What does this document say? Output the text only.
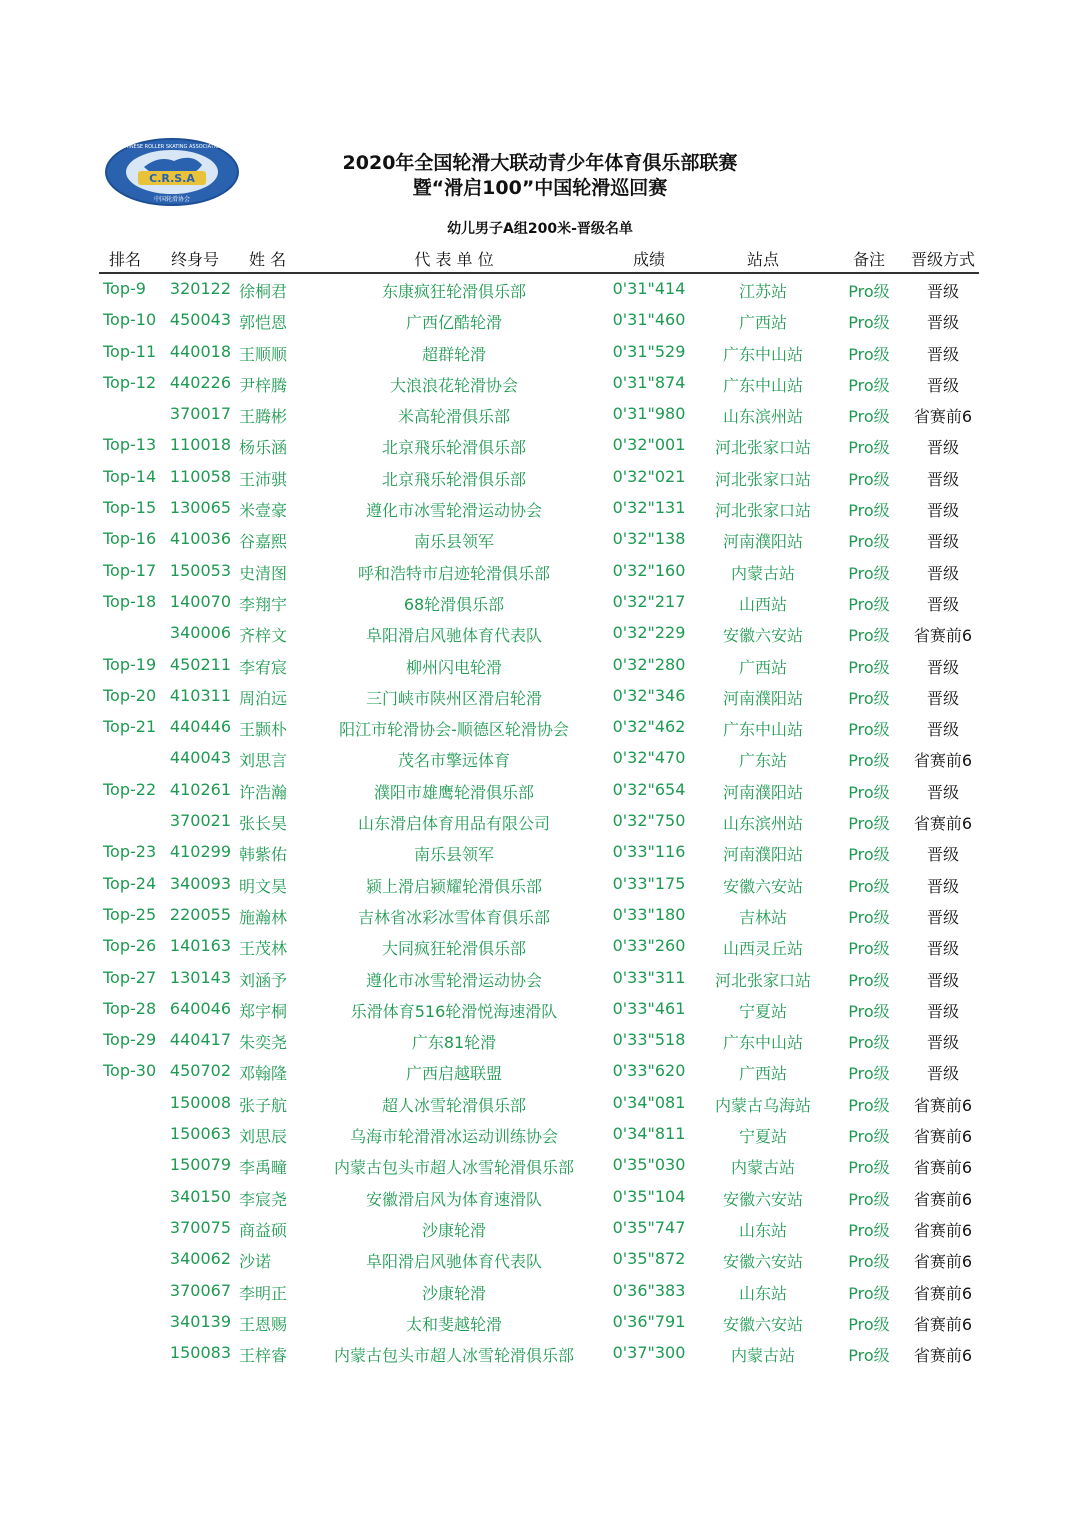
C.R.S.A
中国轮滑协会
CHINESE ROLLER SKATING ASSOCIATION
2020年全国轮滑大联动青少年体育俱乐部联赛
暨“滑启100”中国轮滑巡回赛
幼儿男子A组200米-晋级名单
排名	终身号	姓 名	代 表 单 位	成绩	站点	备注	晋级方式
Top-9	320122 徐桐君	东康疯狂轮滑俱乐部	0'31"414	江苏站	Pro级	晋级
Top-10 450043 郭恺恩	广西亿酷轮滑	0'31"460	广西站	Pro级	晋级
Top-11 440018 王顺顺	超群轮滑	0'31"529	广东中山站	Pro级	晋级
Top-12 440226 尹梓腾	大浪浪花轮滑协会	0'31"874	广东中山站	Pro级	晋级
370017 王腾彬	米高轮滑俱乐部	0'31"980	山东滨州站	Pro级	省赛前6
Top-13 110018 杨乐涵	北京飛乐轮滑俱乐部	0'32"001	河北张家口站	Pro级	晋级
Top-14 110058 王沛骐	北京飛乐轮滑俱乐部	0'32"021	河北张家口站	Pro级	晋级
Top-15 130065 米壹豪	遵化市冰雪轮滑运动协会	0'32"131	河北张家口站	Pro级	晋级
Top-16 410036 谷嘉熙	南乐县领军	0'32"138	河南濮阳站	Pro级	晋级
Top-17 150053 史清图	呼和浩特市启迹轮滑俱乐部	0'32"160	内蒙古站	Pro级	晋级
Top-18 140070 李翔宇	68轮滑俱乐部	0'32"217	山西站	Pro级	晋级
340006 齐梓文	阜阳滑启风驰体育代表队	0'32"229	安徽六安站	Pro级	省赛前6
Top-19 450211 李宥宸	柳州闪电轮滑	0'32"280	广西站	Pro级	晋级
Top-20 410311 周泊远	三门峡市陕州区滑启轮滑	0'32"346	河南濮阳站	Pro级	晋级
Top-21 440446 王颢朴	阳江市轮滑协会-顺德区轮滑协会	0'32"462	广东中山站	Pro级	晋级
440043 刘思言	茂名市擎远体育	0'32"470	广东站	Pro级	省赛前6
Top-22 410261 许浩瀚	濮阳市雄鹰轮滑俱乐部	0'32"654	河南濮阳站	Pro级	晋级
370021 张长昊	山东滑启体育用品有限公司	0'32"750	山东滨州站	Pro级	省赛前6
Top-23 410299 韩紫佑	南乐县领军	0'33"116	河南濮阳站	Pro级	晋级
Top-24 340093 明文昊	颍上滑启颍耀轮滑俱乐部	0'33"175	安徽六安站	Pro级	晋级
Top-25 220055 施瀚林	吉林省冰彩冰雪体育俱乐部	0'33"180	吉林站	Pro级	晋级
Top-26 140163 王茂林	大同疯狂轮滑俱乐部	0'33"260	山西灵丘站	Pro级	晋级
Top-27 130143 刘涵予	遵化市冰雪轮滑运动协会	0'33"311	河北张家口站	Pro级	晋级
Top-28 640046 郑宇桐	乐滑体育516轮滑悦海速滑队	0'33"461	宁夏站	Pro级	晋级
Top-29 440417 朱奕尧	广东81轮滑	0'33"518	广东中山站	Pro级	晋级
Top-30 450702 邓翰隆	广西启越联盟	0'33"620	广西站	Pro级	晋级
150008 张子航	超人冰雪轮滑俱乐部	0'34"081	内蒙古乌海站	Pro级	省赛前6
150063 刘思辰	乌海市轮滑滑冰运动训练协会	0'34"811	宁夏站	Pro级	省赛前6
150079 李禹疃	内蒙古包头市超人冰雪轮滑俱乐部	0'35"030	内蒙古站	Pro级	省赛前6
340150 李宸尧	安徽滑启风为体育速滑队	0'35"104	安徽六安站	Pro级	省赛前6
370075 商益硕	沙康轮滑	0'35"747	山东站	Pro级	省赛前6
340062 沙诺	阜阳滑启风驰体育代表队	0'35"872	安徽六安站	Pro级	省赛前6
370067 李明正	沙康轮滑	0'36"383	山东站	Pro级	省赛前6
340139 王恩赐	太和斐越轮滑	0'36"791	安徽六安站	Pro级	省赛前6
150083 王梓睿	内蒙古包头市超人冰雪轮滑俱乐部	0'37"300	内蒙古站	Pro级	省赛前6
